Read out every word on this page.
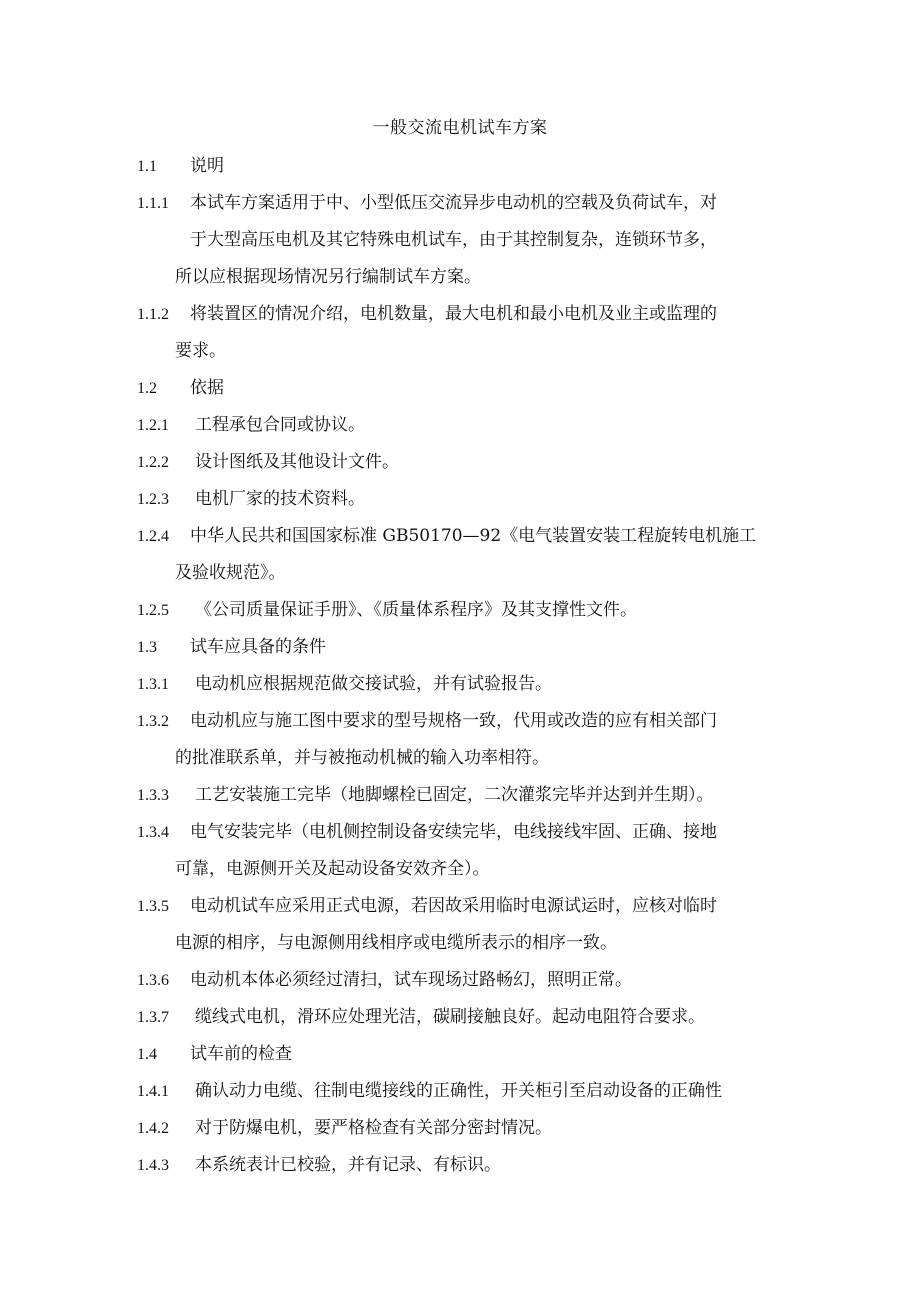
一般交流电机试车方案
1.1 说明
1.1.1 本试车方案适用于中、小型低压交流异步电动机的空载及负荷试车，对
于大型高压电机及其它特殊电机试车，由于其控制复杂，连锁环节多，
所以应根据现场情况另行编制试车方案。
1.1.2 将装置区的情况介绍，电机数量，最大电机和最小电机及业主或监理的
要求。
1.2 依据
1.2.1 工程承包合同或协议。
1.2.2 设计图纸及其他设计文件。
1.2.3 电机厂家的技术资料。
1.2.4 中华人民共和国国家标准 GB50170—92《电气装置安装工程旋转电机施工
及验收规范》。
1.2.5 《公司质量保证手册》、《质量体系程序》及其支撑性文件。
1.3 试车应具备的条件
1.3.1 电动机应根据规范做交接试验，并有试验报告。
1.3.2 电动机应与施工图中要求的型号规格一致，代用或改造的应有相关部门
的批准联系单，并与被拖动机械的输入功率相符。
1.3.3 工艺安装施工完毕（地脚螺栓已固定，二次灌浆完毕并达到并生期）。
1.3.4 电气安装完毕（电机侧控制设备安续完毕，电线接线牢固、正确、接地
可靠，电源侧开关及起动设备安效齐全）。
1.3.5 电动机试车应采用正式电源，若因故采用临时电源试运时，应核对临时
电源的相序，与电源侧用线相序或电缆所表示的相序一致。
1.3.6 电动机本体必须经过清扫，试车现场过路畅幻，照明正常。
1.3.7 缆线式电机，滑环应处理光洁，碳刷接触良好。起动电阻符合要求。
1.4 试车前的检查
1.4.1 确认动力电缆、往制电缆接线的正确性，开关柜引至启动设备的正确性
1.4.2 对于防爆电机，要严格检查有关部分密封情况。
1.4.3 本系统表计已校验，并有记录、有标识。
